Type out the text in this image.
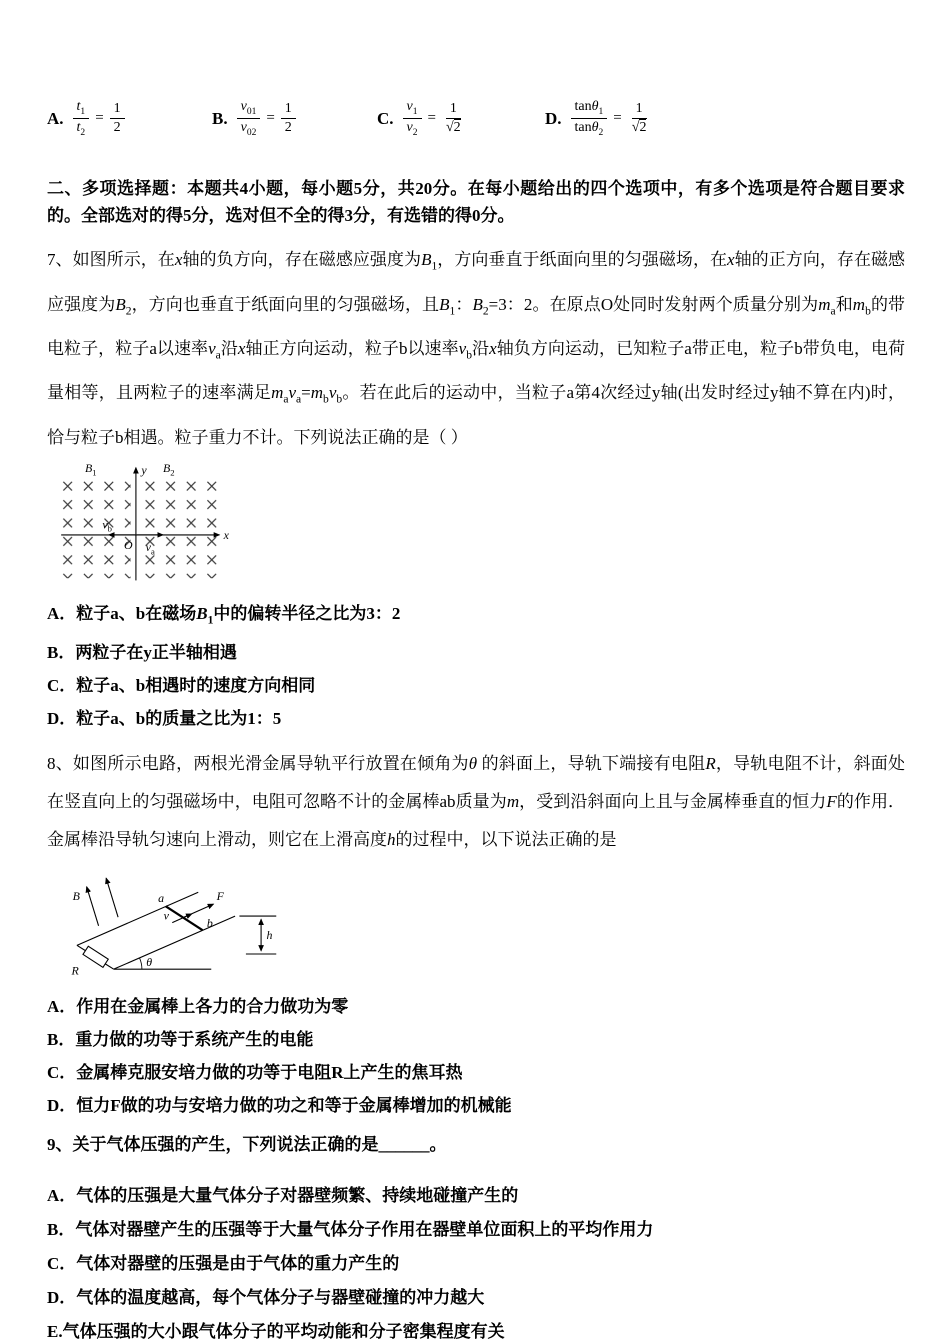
A. $\frac{t_1}{t_2} = \frac{1}{2}$	B. $\frac{v_{01}}{v_{02}} = \frac{1}{2}$	C. $\frac{v_1}{v_2} = \frac{1}{√2}$	D. $\frac{\tan\theta_1}{\tan\theta_2} = \frac{1}{√2}$

二、多项选择题：本题共4小题，每小题5分，共20分。在每小题给出的四个选项中，有多个选项是符合题目要求的。全部选对的得5分，选对但不全的得3分，有选错的得0分。

7、如图所示，在x轴的负方向，存在磁感应强度为$B_1$，方向垂直于纸面向里的匀强磁场，在x轴的正方向，存在磁感应强度为$B_2$，方向也垂直于纸面向里的匀强磁场，且$B_1$：$B_2=3$：2。在原点O处同时发射两个质量分别为$m_a$和$m_b$的带电粒子，粒子a以速率$v_a$沿x轴正方向运动，粒子b以速率$v_b$沿x轴负方向运动，已知粒子a带正电，粒子b带负电，电荷量相等，且两粒子的速率满足$m_av_a=m_bv_b$。若在此后的运动中，当粒子a第4次经过y轴(出发时经过y轴不算在内)时，恰与粒子b相遇。粒子重力不计。下列说法正确的是（ ）

$B_1$	$B_2$
y
x
O $v_a$
$v_b$
A．粒子a、b在磁场$B_1$中的偏转半径之比为3：2
B．两粒子在y正半轴相遇
C．粒子a、b相遇时的速度方向相同
D．粒子a、b的质量之比为1：5

8、如图所示电路，两根光滑金属导轨平行放置在倾角为θ 的斜面上，导轨下端接有电阻R，导轨电阻不计，斜面处在竖直向上的匀强磁场中，电阻可忽略不计的金属棒ab质量为m，受到沿斜面向上且与金属棒垂直的恒力F的作用．金属棒沿导轨匀速向上滑动，则它在上滑高度h的过程中，以下说法正确的是

θ
a
b
F
v
B
h
R
A．作用在金属棒上各力的合力做功为零
B．重力做的功等于系统产生的电能
C．金属棒克服安培力做的功等于电阻R上产生的焦耳热
D．恒力F做的功与安培力做的功之和等于金属棒增加的机械能

9、关于气体压强的产生，下列说法正确的是______。

A．气体的压强是大量气体分子对器壁频繁、持续地碰撞产生的
B．气体对器壁产生的压强等于大量气体分子作用在器壁单位面积上的平均作用力
C．气体对器壁的压强是由于气体的重力产生的
D．气体的温度越高，每个气体分子与器壁碰撞的冲力越大
E.气体压强的大小跟气体分子的平均动能和分子密集程度有关
